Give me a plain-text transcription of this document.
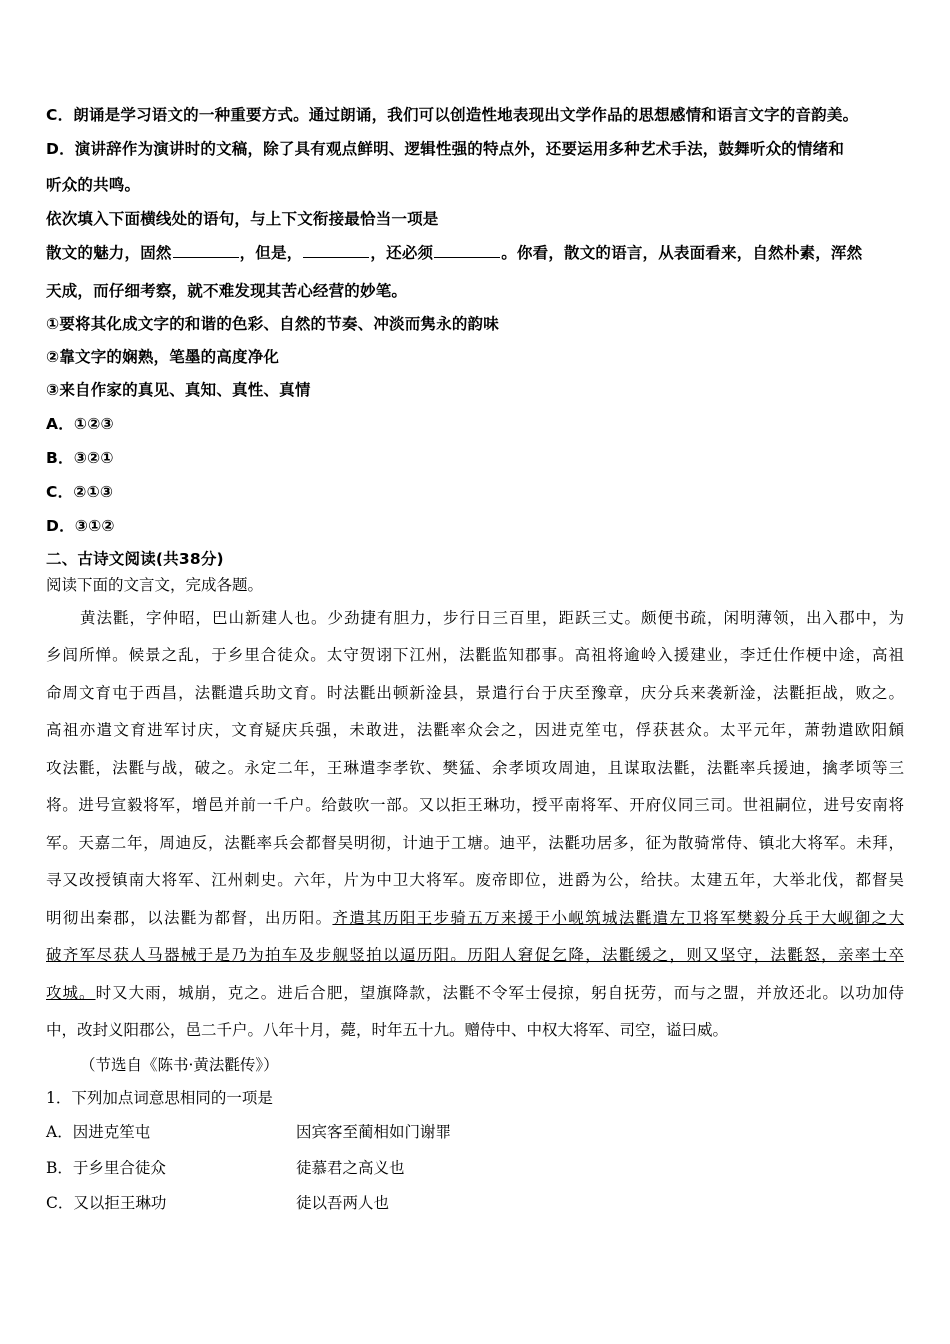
C．朗诵是学习语文的一种重要方式。通过朗诵，我们可以创造性地表现出文学作品的思想感情和语言文字的音韵美。
D．演讲辞作为演讲时的文稿，除了具有观点鲜明、逻辑性强的特点外，还要运用多种艺术手法，鼓舞听众的情绪和
听众的共鸣。
依次填入下面横线处的语句，与上下文衔接最恰当一项是
散文的魅力，固然	，但是，	，还必须	。你看，散文的语言，从表面看来，自然朴素，浑然
天成，而仔细考察，就不难发现其苦心经营的妙笔。
①要将其化成文字的和谐的色彩、自然的节奏、冲淡而隽永的韵味
②靠文字的娴熟，笔墨的高度净化
③来自作家的真见、真知、真性、真情
A．①②③
B．③②①
C．②①③
D．③①②
二、古诗文阅读(共38分)
阅读下面的文言文，完成各题。
黄法氍，字仲昭，巴山新建人也。少劲捷有胆力，步行日三百里，距跃三丈。颇便书疏，闲明薄领，出入郡中，为
乡闾所惮。候景之乱，于乡里合徒众。太守贺诩下江州，法氍监知郡事。高祖将逾岭入援建业，李迁仕作梗中途，高祖
命周文育屯于西昌，法氍遣兵助文育。时法氍出顿新淦县，景遣行台于庆至豫章，庆分兵来袭新淦，法氍拒战，败之。
高祖亦遣文育进军讨庆，文育疑庆兵强，未敢进，法氍率众会之，因进克笙屯，俘获甚众。太平元年，萧勃遣欧阳頠
攻法氍，法氍与战，破之。永定二年，王琳遣李孝钦、樊猛、余孝顷攻周迪，且谋取法氍，法氍率兵援迪，擒孝顷等三
将。进号宣毅将军，增邑并前一千户。给鼓吹一部。又以拒王琳功，授平南将军、开府仪同三司。世祖嗣位，进号安南将
军。天嘉二年，周迪反，法氍率兵会都督吴明彻，计迪于工塘。迪平，法氍功居多，征为散骑常侍、镇北大将军。未拜，
寻又改授镇南大将军、江州刺史。六年，片为中卫大将军。废帝即位，进爵为公，给扶。太建五年，大举北伐，都督吴
明彻出秦郡，以法氍为都督，出历阳。齐遣其历阳王步骑五万来援于小岘筑城法氍遣左卫将军樊毅分兵于大岘御之大
破齐军尽获人马器械于是乃为拍车及步舰竖拍以逼历阳。历阳人窘促乞降，法氍缓之，则又坚守，法氍怒，亲率士卒
攻城。时又大雨，城崩，克之。进后合肥，望旗降款，法氍不令军士侵掠，躬自抚劳，而与之盟，并放还北。以功加侍
中，改封义阳郡公，邑二千户。八年十月，薨，时年五十九。赠侍中、中权大将军、司空，谥曰威。
（节选自《陈书·黄法氍传》）
1．下列加点词意思相同的一项是
A．因进克笙屯	因宾客至蔺相如门谢罪
B．于乡里合徒众	徒慕君之高义也
C．又以拒王琳功	徒以吾两人也
